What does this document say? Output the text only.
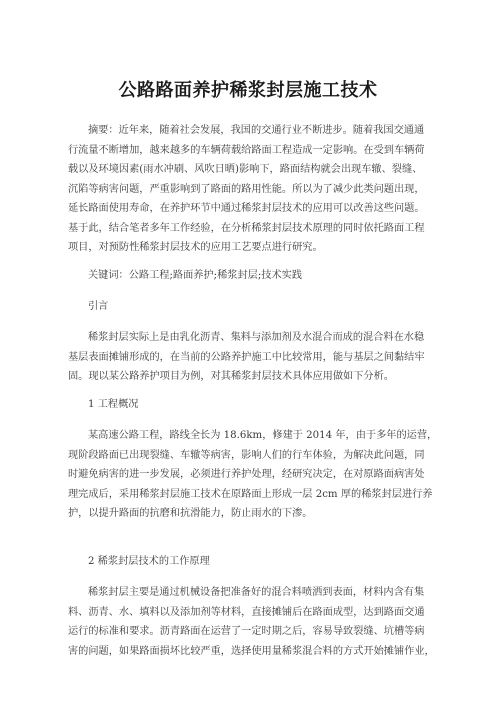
公路路面养护稀浆封层施工技术
摘要：近年来，随着社会发展，我国的交通行业不断进步。随着我国交通通
行流量不断增加，越来越多的车辆荷载给路面工程造成一定影响。在受到车辆荷
载以及环境因素(雨水冲刷、风吹日晒)影响下，路面结构就会出现车辙、裂缝、
沉陷等病害问题，严重影响到了路面的路用性能。所以为了减少此类问题出现，
延长路面使用寿命，在养护环节中通过稀浆封层技术的应用可以改善这些问题。
基于此，结合笔者多年工作经验，在分析稀浆封层技术原理的同时依托路面工程
项目，对预防性稀浆封层技术的应用工艺要点进行研究。
关键词：公路工程;路面养护;稀浆封层;技术实践
引言
稀浆封层实际上是由乳化沥青、集料与添加剂及水混合而成的混合料在水稳
基层表面摊铺形成的，在当前的公路养护施工中比较常用，能与基层之间黏结牢
固。现以某公路养护项目为例，对其稀浆封层技术具体应用做如下分析。
1 工程概况
某高速公路工程，路线全长为 18.6km，修建于 2014 年，由于多年的运营，
现阶段路面已出现裂缝、车辙等病害，影响人们的行车体验，为解决此问题，同
时避免病害的进一步发展，必须进行养护处理，经研究决定，在对原路面病害处
理完成后，采用稀浆封层施工技术在原路面上形成一层 2cm 厚的稀浆封层进行养
护，以提升路面的抗磨和抗滑能力，防止雨水的下渗。
2 稀浆封层技术的工作原理
稀浆封层主要是通过机械设备把准备好的混合料喷洒到表面，材料内含有集
料、沥青、水、填料以及添加剂等材料，直接摊铺后在路面成型，达到路面交通
运行的标准和要求。沥青路面在运营了一定时期之后，容易导致裂缝、坑槽等病
害的问题，如果路面损坏比较严重，选择使用量稀浆混合料的方式开始摊铺作业，
